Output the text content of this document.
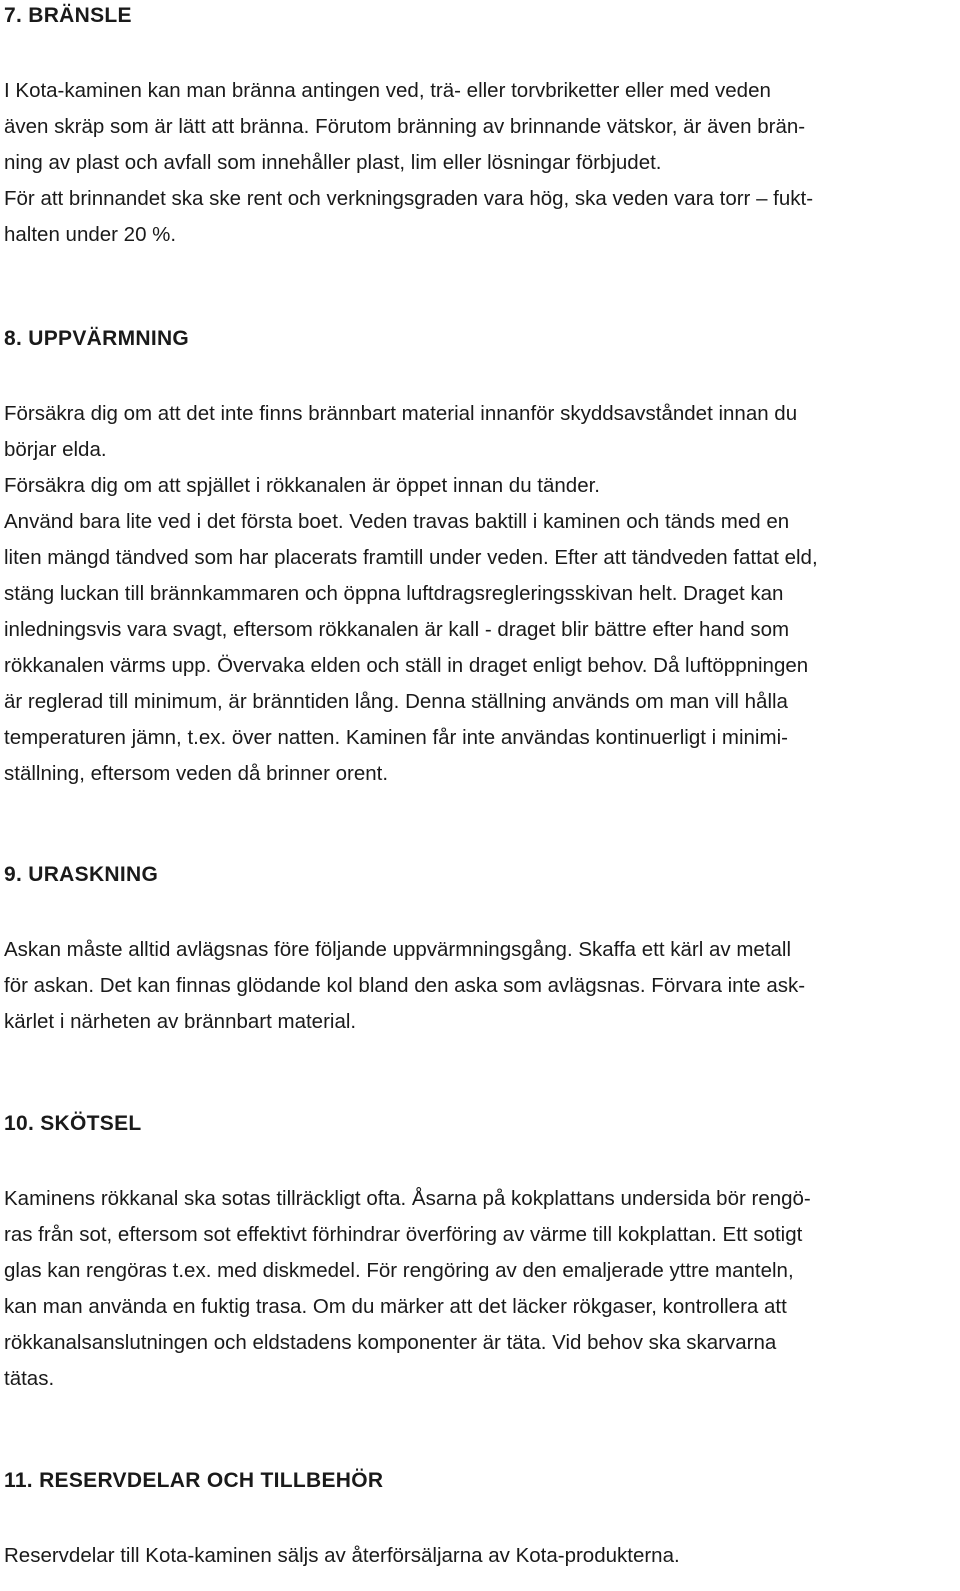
7. BRÄNSLE
I Kota-kaminen kan man bränna antingen ved, trä- eller torvbriketter eller med veden
även skräp som är lätt att bränna. Förutom bränning av brinnande vätskor, är även brän-
ning av plast och avfall som innehåller plast, lim eller lösningar förbjudet.
För att brinnandet ska ske rent och verkningsgraden vara hög, ska veden vara torr – fukt-
halten under 20 %.
8. UPPVÄRMNING
Försäkra dig om att det inte finns brännbart material innanför skyddsavståndet innan du
börjar elda.
Försäkra dig om att spjället i rökkanalen är öppet innan du tänder.
Använd bara lite ved i det första boet. Veden travas baktill i kaminen och tänds med en
liten mängd tändved som har placerats framtill under veden. Efter att tändveden fattat eld,
stäng luckan till brännkammaren och öppna luftdragsregleringsskivan helt. Draget kan
inledningsvis vara svagt, eftersom rökkanalen är kall - draget blir bättre efter hand som
rökkanalen värms upp. Övervaka elden och ställ in draget enligt behov. Då luftöppningen
är reglerad till minimum, är bränntiden lång. Denna ställning används om man vill hålla
temperaturen jämn, t.ex. över natten. Kaminen får inte användas kontinuerligt i minimi-
ställning, eftersom veden då brinner orent.
9. URASKNING
Askan måste alltid avlägsnas före följande uppvärmningsgång. Skaffa ett kärl av metall
för askan. Det kan finnas glödande kol bland den aska som avlägsnas. Förvara inte ask-
kärlet i närheten av brännbart material.
10. SKÖTSEL
Kaminens rökkanal ska sotas tillräckligt ofta. Åsarna på kokplattans undersida bör rengö-
ras från sot, eftersom sot effektivt förhindrar överföring av värme till kokplattan. Ett sotigt
glas kan rengöras t.ex. med diskmedel. För rengöring av den emaljerade yttre manteln,
kan man använda en fuktig trasa. Om du märker att det läcker rökgaser, kontrollera att
rökkanalsanslutningen och eldstadens komponenter är täta. Vid behov ska skarvarna
tätas.
11. RESERVDELAR OCH TILLBEHÖR
Reservdelar till Kota-kaminen säljs av återförsäljarna av Kota-produkterna.
